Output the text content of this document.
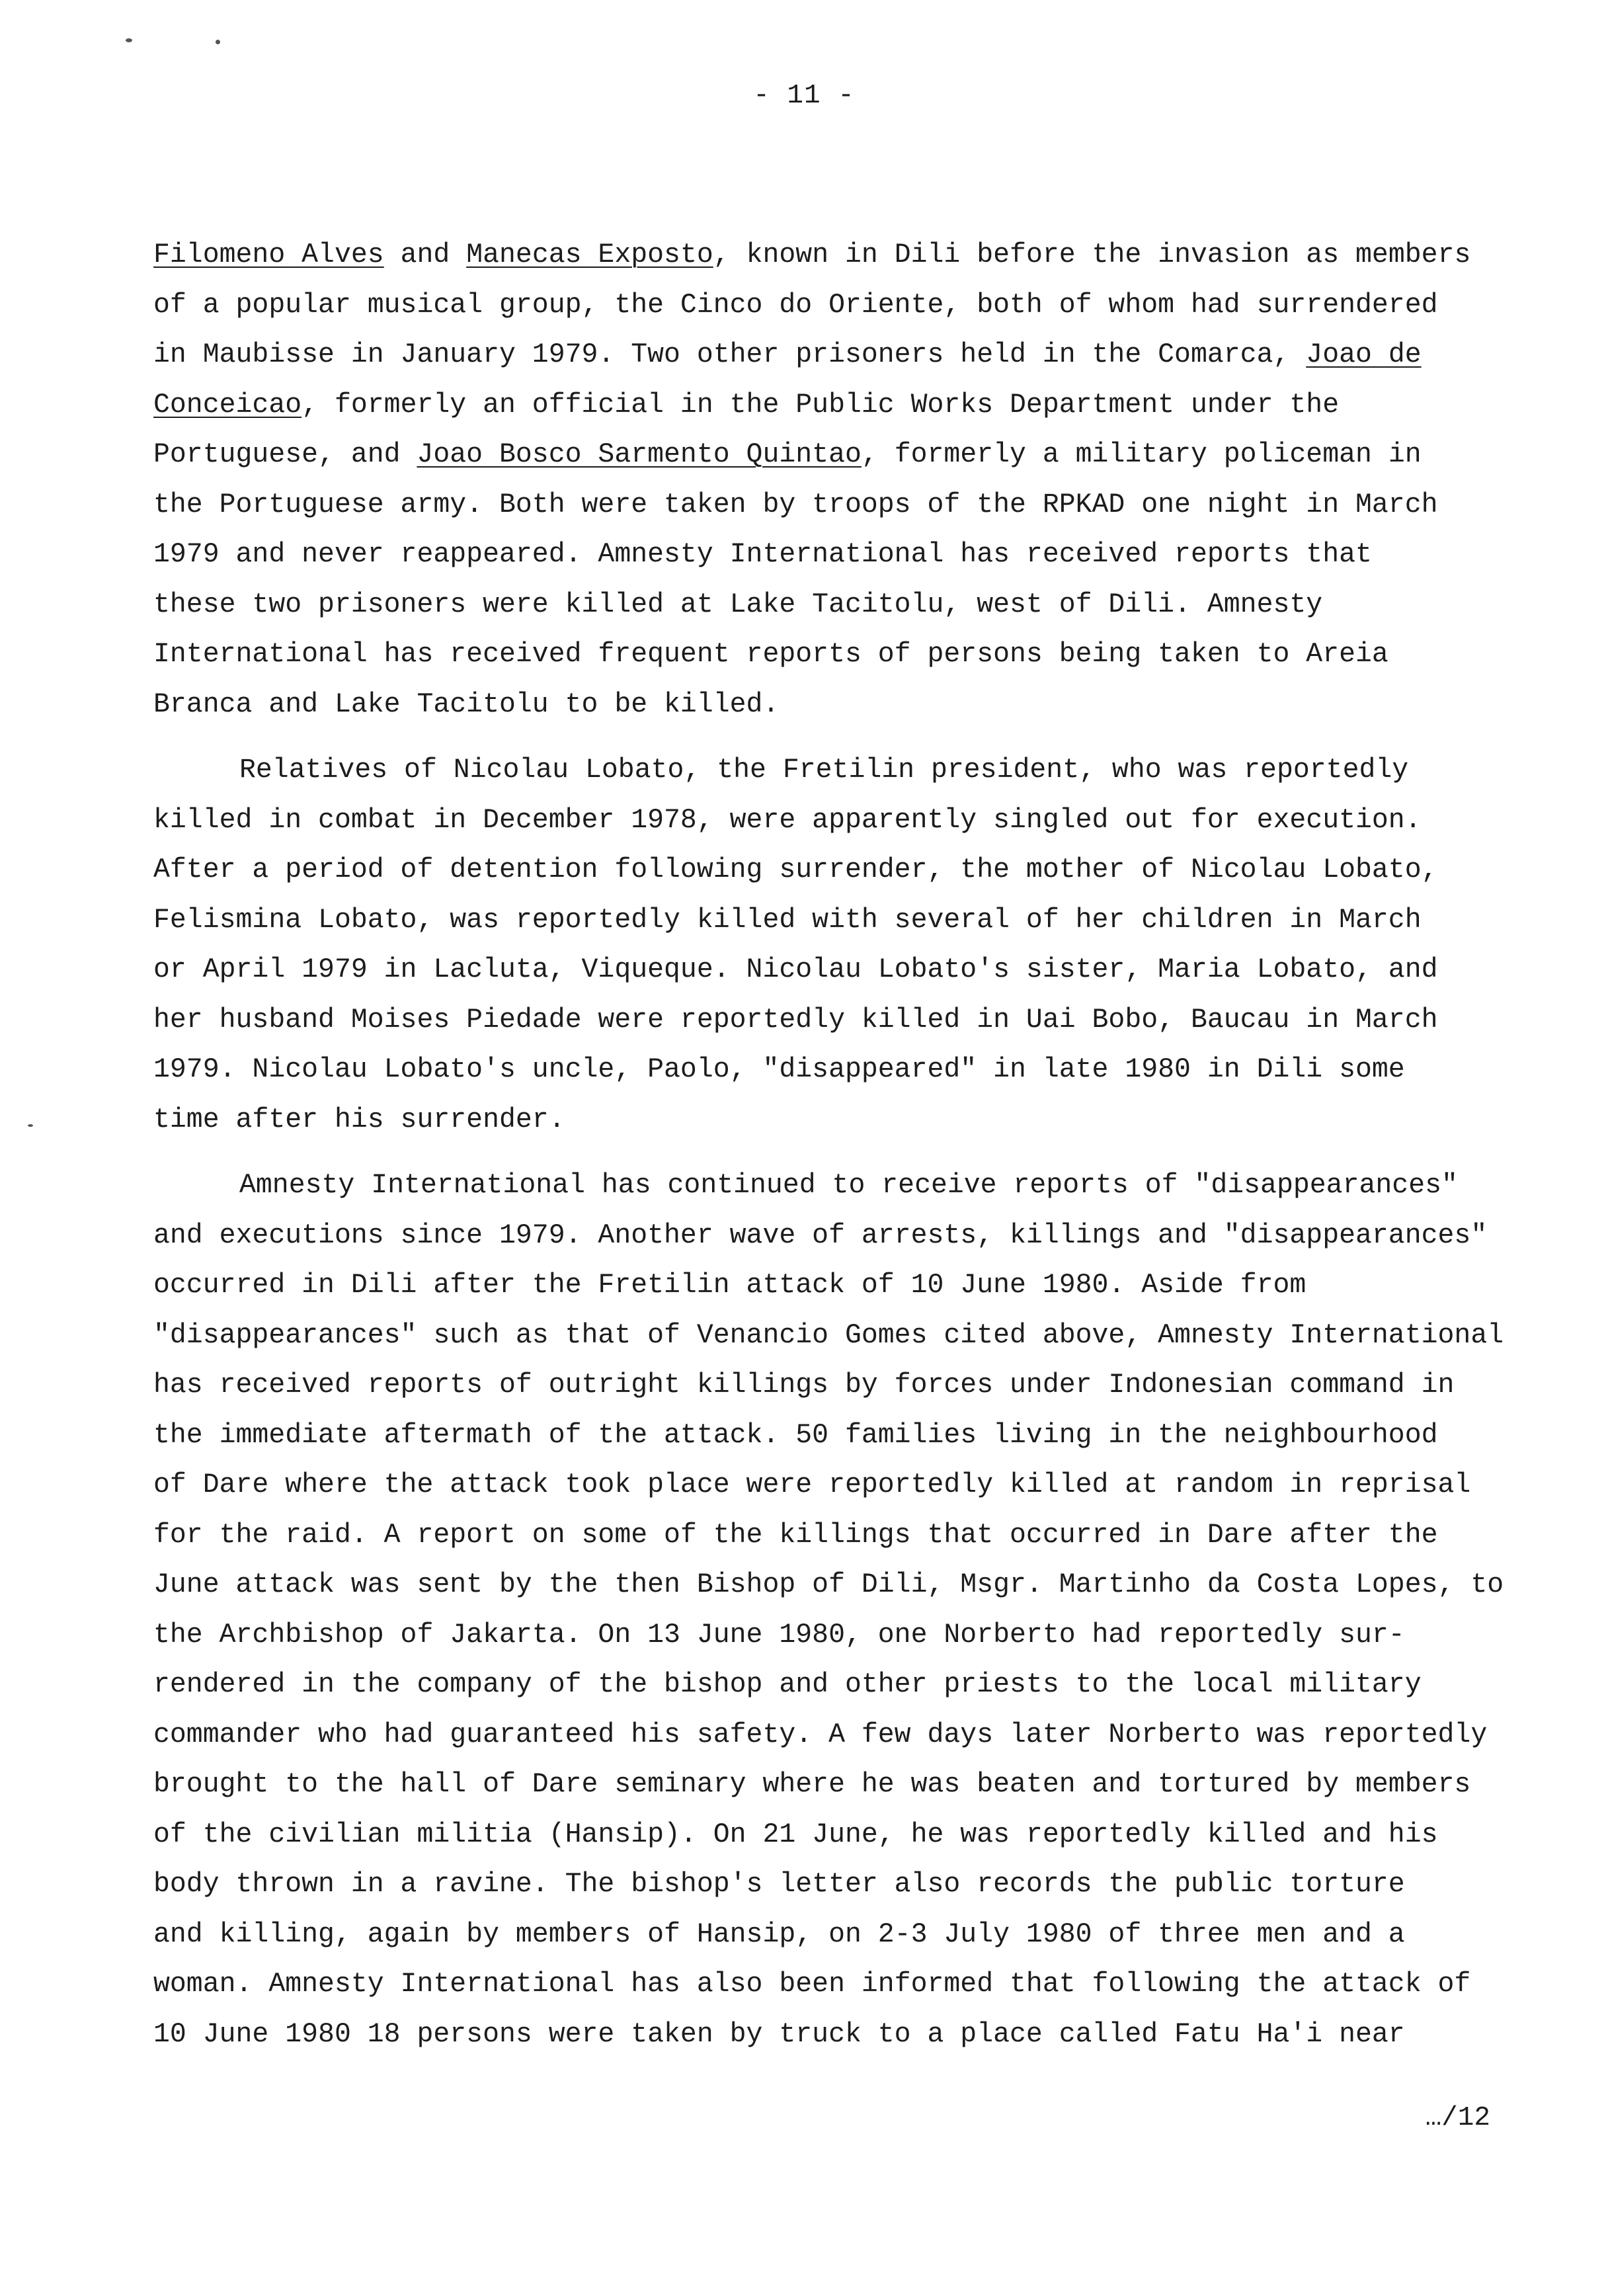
- 11 -
Filomeno Alves and Manecas Exposto, known in Dili before the invasion as members
of a popular musical group, the Cinco do Oriente, both of whom had surrendered
in Maubisse in January 1979. Two other prisoners held in the Comarca, Joao de
Conceicao, formerly an official in the Public Works Department under the
Portuguese, and Joao Bosco Sarmento Quintao, formerly a military policeman in
the Portuguese army. Both were taken by troops of the RPKAD one night in March
1979 and never reappeared. Amnesty International has received reports that
these two prisoners were killed at Lake Tacitolu, west of Dili. Amnesty
International has received frequent reports of persons being taken to Areia
Branca and Lake Tacitolu to be killed.
Relatives of Nicolau Lobato, the Fretilin president, who was reportedly
killed in combat in December 1978, were apparently singled out for execution.
After a period of detention following surrender, the mother of Nicolau Lobato,
Felismina Lobato, was reportedly killed with several of her children in March
or April 1979 in Lacluta, Viqueque. Nicolau Lobato's sister, Maria Lobato, and
her husband Moises Piedade were reportedly killed in Uai Bobo, Baucau in March
1979. Nicolau Lobato's uncle, Paolo, "disappeared" in late 1980 in Dili some
time after his surrender.
Amnesty International has continued to receive reports of "disappearances"
and executions since 1979. Another wave of arrests, killings and "disappearances"
occurred in Dili after the Fretilin attack of 10 June 1980. Aside from
"disappearances" such as that of Venancio Gomes cited above, Amnesty International
has received reports of outright killings by forces under Indonesian command in
the immediate aftermath of the attack. 50 families living in the neighbourhood
of Dare where the attack took place were reportedly killed at random in reprisal
for the raid. A report on some of the killings that occurred in Dare after the
June attack was sent by the then Bishop of Dili, Msgr. Martinho da Costa Lopes, to
the Archbishop of Jakarta. On 13 June 1980, one Norberto had reportedly sur-
rendered in the company of the bishop and other priests to the local military
commander who had guaranteed his safety. A few days later Norberto was reportedly
brought to the hall of Dare seminary where he was beaten and tortured by members
of the civilian militia (Hansip). On 21 June, he was reportedly killed and his
body thrown in a ravine. The bishop's letter also records the public torture
and killing, again by members of Hansip, on 2-3 July 1980 of three men and a
woman. Amnesty International has also been informed that following the attack of
10 June 1980 18 persons were taken by truck to a place called Fatu Ha'i near
…/12
